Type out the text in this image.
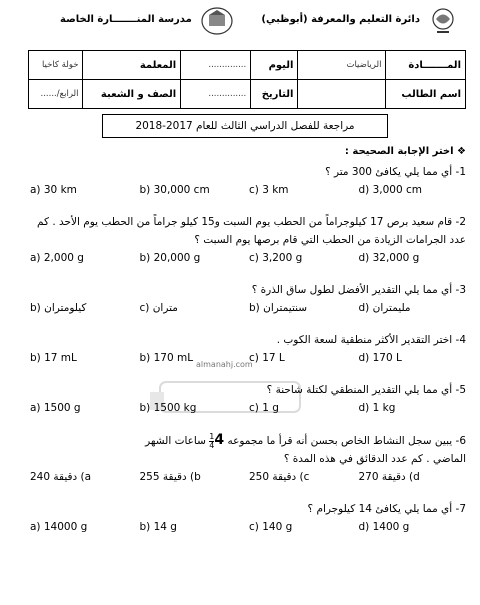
مدرسة المنـــــــارة الخاصة	دائرة التعليم والمعرفة (أبوظبي)
المـــــــادة	الرياضيات	اليوم	..............	المعلمة	خولة كاخيا
اسم الطالب		التاريخ	..............	الصف و الشعبة	الرابع/......
مراجعة للفصل الدراسي الثالث للعام 2017-2018
almanahj.com
❖ اختر الإجابة الصحيحة :
1- أي مما يلي يكافئ 300 متر ؟
a) 30 km	b) 30,000 cm	c) 3 km	d) 3,000 cm
2- قام سعيد برص 17 كيلوجراماً من الحطب يوم السبت و15 كيلو جراماً من الحطب يوم الأحد . كم عدد الجرامات الزيادة من الحطب التي قام برصها يوم السبت ؟
a) 2,000 g	b) 20,000 g	c) 3,200 g	d) 32,000 g
3- أي مما يلي التقدير الأفضل لطول ساق الذرة ؟
b) كيلومتران	c) متران	b) سنتيمتران	d) مليمتران
4- اختر التقدير الأكثر منطقية لسعة الكوب .
b) 17 mL	b) 170 mL	c) 17 L	d) 170 L
5- أي مما يلي التقدير المنطقي لكتلة شاحنة ؟
a) 1500 g	b) 1500 kg	c) 1 g	d) 1 kg
6- يبين سجل النشاط الخاص بحسن أنه قرأ ما مجموعه $4\frac{1}{4}$ ساعات الشهر
الماضي . كم عدد الدقائق في هذه المدة ؟
دقيقة 240 (a	دقيقة 255 (b	دقيقة 250 (c	دقيقة 270 (d
7- أي مما يلي يكافئ 14 كيلوجرام ؟
a) 14000 g	b) 14 g	c) 140 g	d) 1400 g
